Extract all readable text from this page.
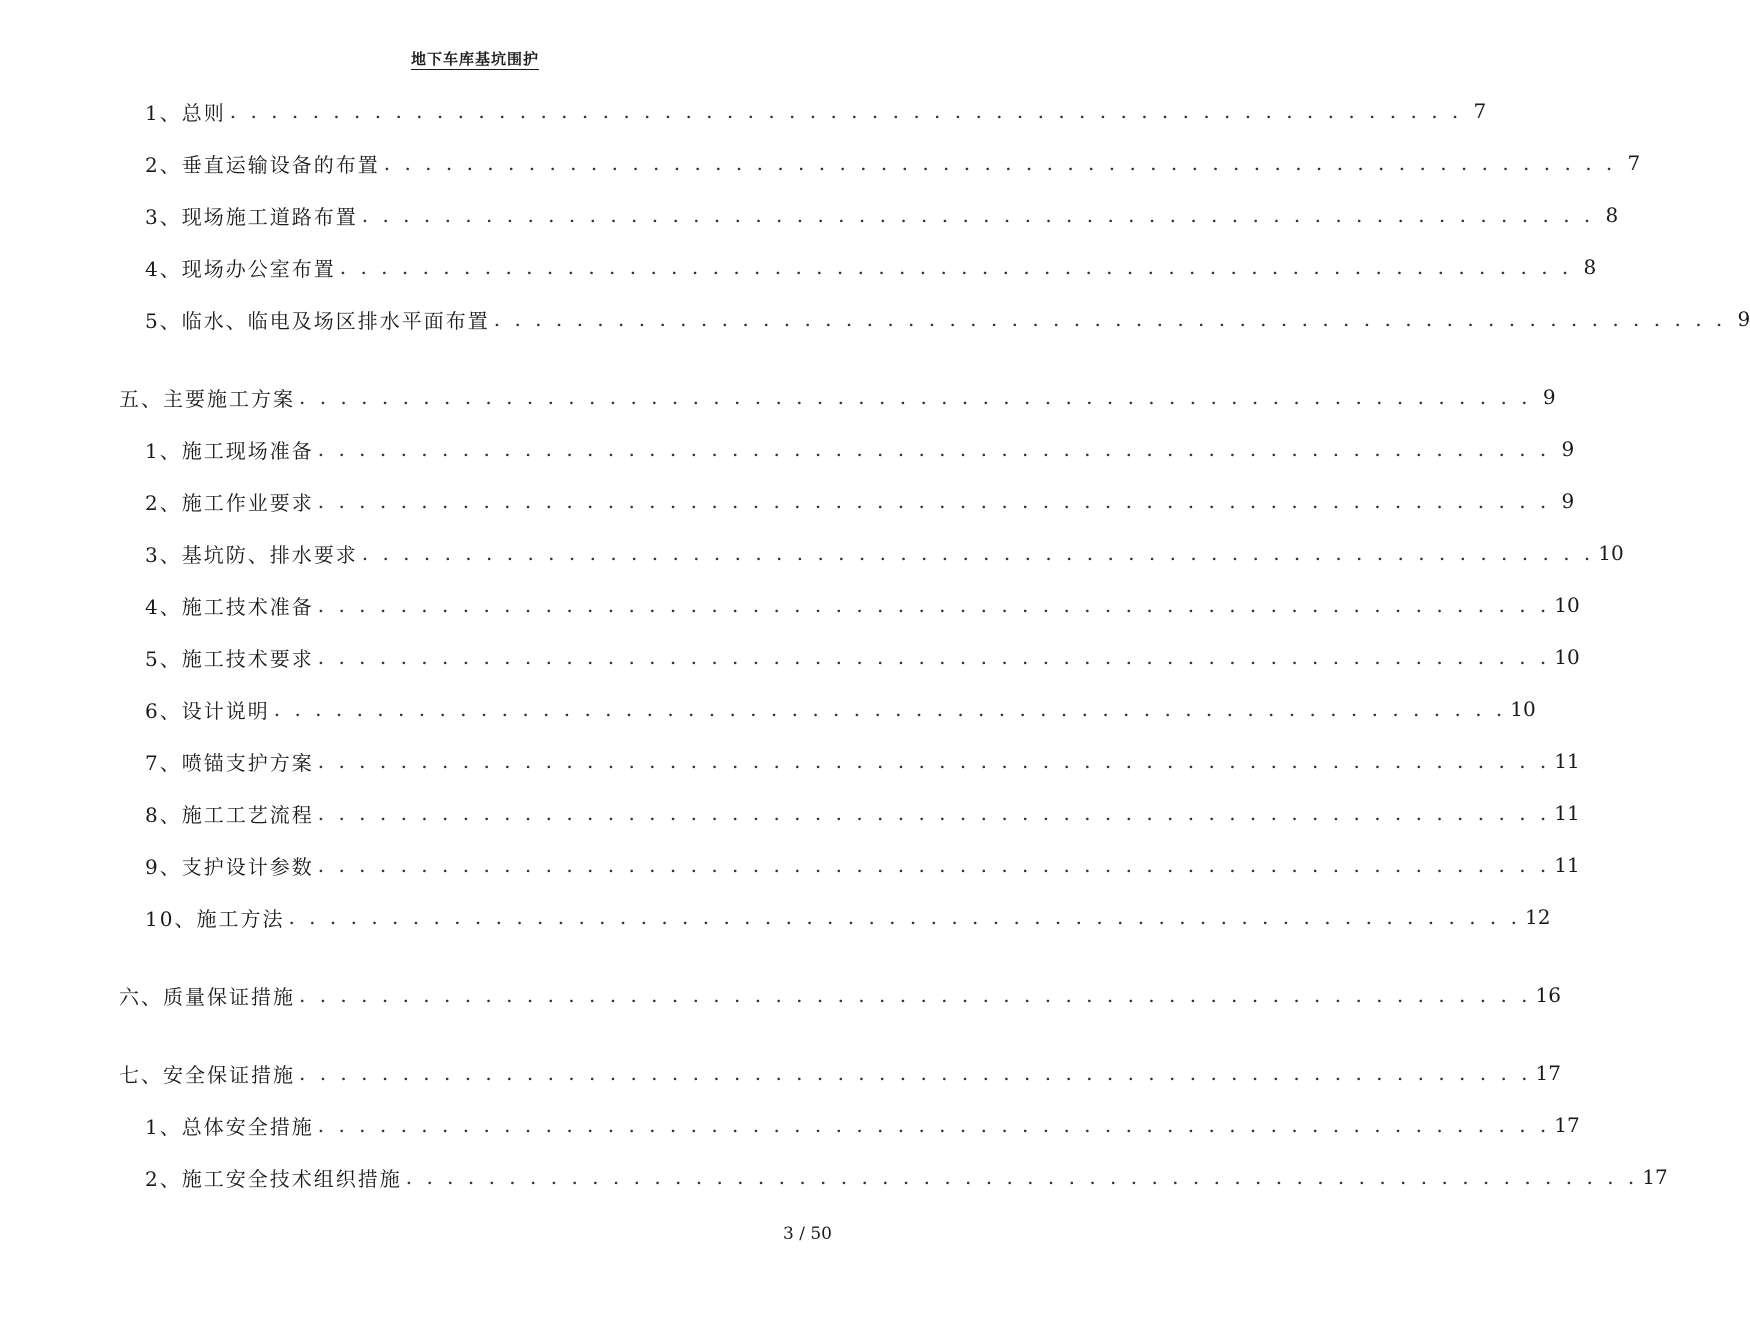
地下车库基坑围护
1、总则 . . . . . . . . . . . . . . . . . . . . . . . . . . . . . . . . . . . . . . . . . . . . . . . . . . . . . . . . . . . . 7
2、垂直运输设备的布置 . . . . . . . . . . . . . . . . . . . . . . . . . . . . . . . . . . . . . . . . . . . . . . . . . . . . . . . . . . . . 7
3、现场施工道路布置 . . . . . . . . . . . . . . . . . . . . . . . . . . . . . . . . . . . . . . . . . . . . . . . . . . . . . . . . . . . . 8
4、现场办公室布置 . . . . . . . . . . . . . . . . . . . . . . . . . . . . . . . . . . . . . . . . . . . . . . . . . . . . . . . . . . . . 8
5、临水、临电及场区排水平面布置 . . . . . . . . . . . . . . . . . . . . . . . . . . . . . . . . . . . . . . . . . . . . . . . . . . . . . . . . . . . . 9
五、主要施工方案 . . . . . . . . . . . . . . . . . . . . . . . . . . . . . . . . . . . . . . . . . . . . . . . . . . . . . . . . . . . . 9
1、施工现场准备 . . . . . . . . . . . . . . . . . . . . . . . . . . . . . . . . . . . . . . . . . . . . . . . . . . . . . . . . . . . . 9
2、施工作业要求 . . . . . . . . . . . . . . . . . . . . . . . . . . . . . . . . . . . . . . . . . . . . . . . . . . . . . . . . . . . . 9
3、基坑防、排水要求 . . . . . . . . . . . . . . . . . . . . . . . . . . . . . . . . . . . . . . . . . . . . . . . . . . . . . . . . . . . . 10
4、施工技术准备 . . . . . . . . . . . . . . . . . . . . . . . . . . . . . . . . . . . . . . . . . . . . . . . . . . . . . . . . . . . . 10
5、施工技术要求 . . . . . . . . . . . . . . . . . . . . . . . . . . . . . . . . . . . . . . . . . . . . . . . . . . . . . . . . . . . . 10
6、设计说明 . . . . . . . . . . . . . . . . . . . . . . . . . . . . . . . . . . . . . . . . . . . . . . . . . . . . . . . . . . . . 10
7、喷锚支护方案 . . . . . . . . . . . . . . . . . . . . . . . . . . . . . . . . . . . . . . . . . . . . . . . . . . . . . . . . . . . . 11
8、施工工艺流程 . . . . . . . . . . . . . . . . . . . . . . . . . . . . . . . . . . . . . . . . . . . . . . . . . . . . . . . . . . . . 11
9、支护设计参数 . . . . . . . . . . . . . . . . . . . . . . . . . . . . . . . . . . . . . . . . . . . . . . . . . . . . . . . . . . . . 11
10、施工方法 . . . . . . . . . . . . . . . . . . . . . . . . . . . . . . . . . . . . . . . . . . . . . . . . . . . . . . . . . . . . 12
六、质量保证措施 . . . . . . . . . . . . . . . . . . . . . . . . . . . . . . . . . . . . . . . . . . . . . . . . . . . . . . . . . . . . 16
七、安全保证措施 . . . . . . . . . . . . . . . . . . . . . . . . . . . . . . . . . . . . . . . . . . . . . . . . . . . . . . . . . . . . 17
1、总体安全措施 . . . . . . . . . . . . . . . . . . . . . . . . . . . . . . . . . . . . . . . . . . . . . . . . . . . . . . . . . . . . 17
2、施工安全技术组织措施 . . . . . . . . . . . . . . . . . . . . . . . . . . . . . . . . . . . . . . . . . . . . . . . . . . . . . . . . . . . . 17
3 / 50
